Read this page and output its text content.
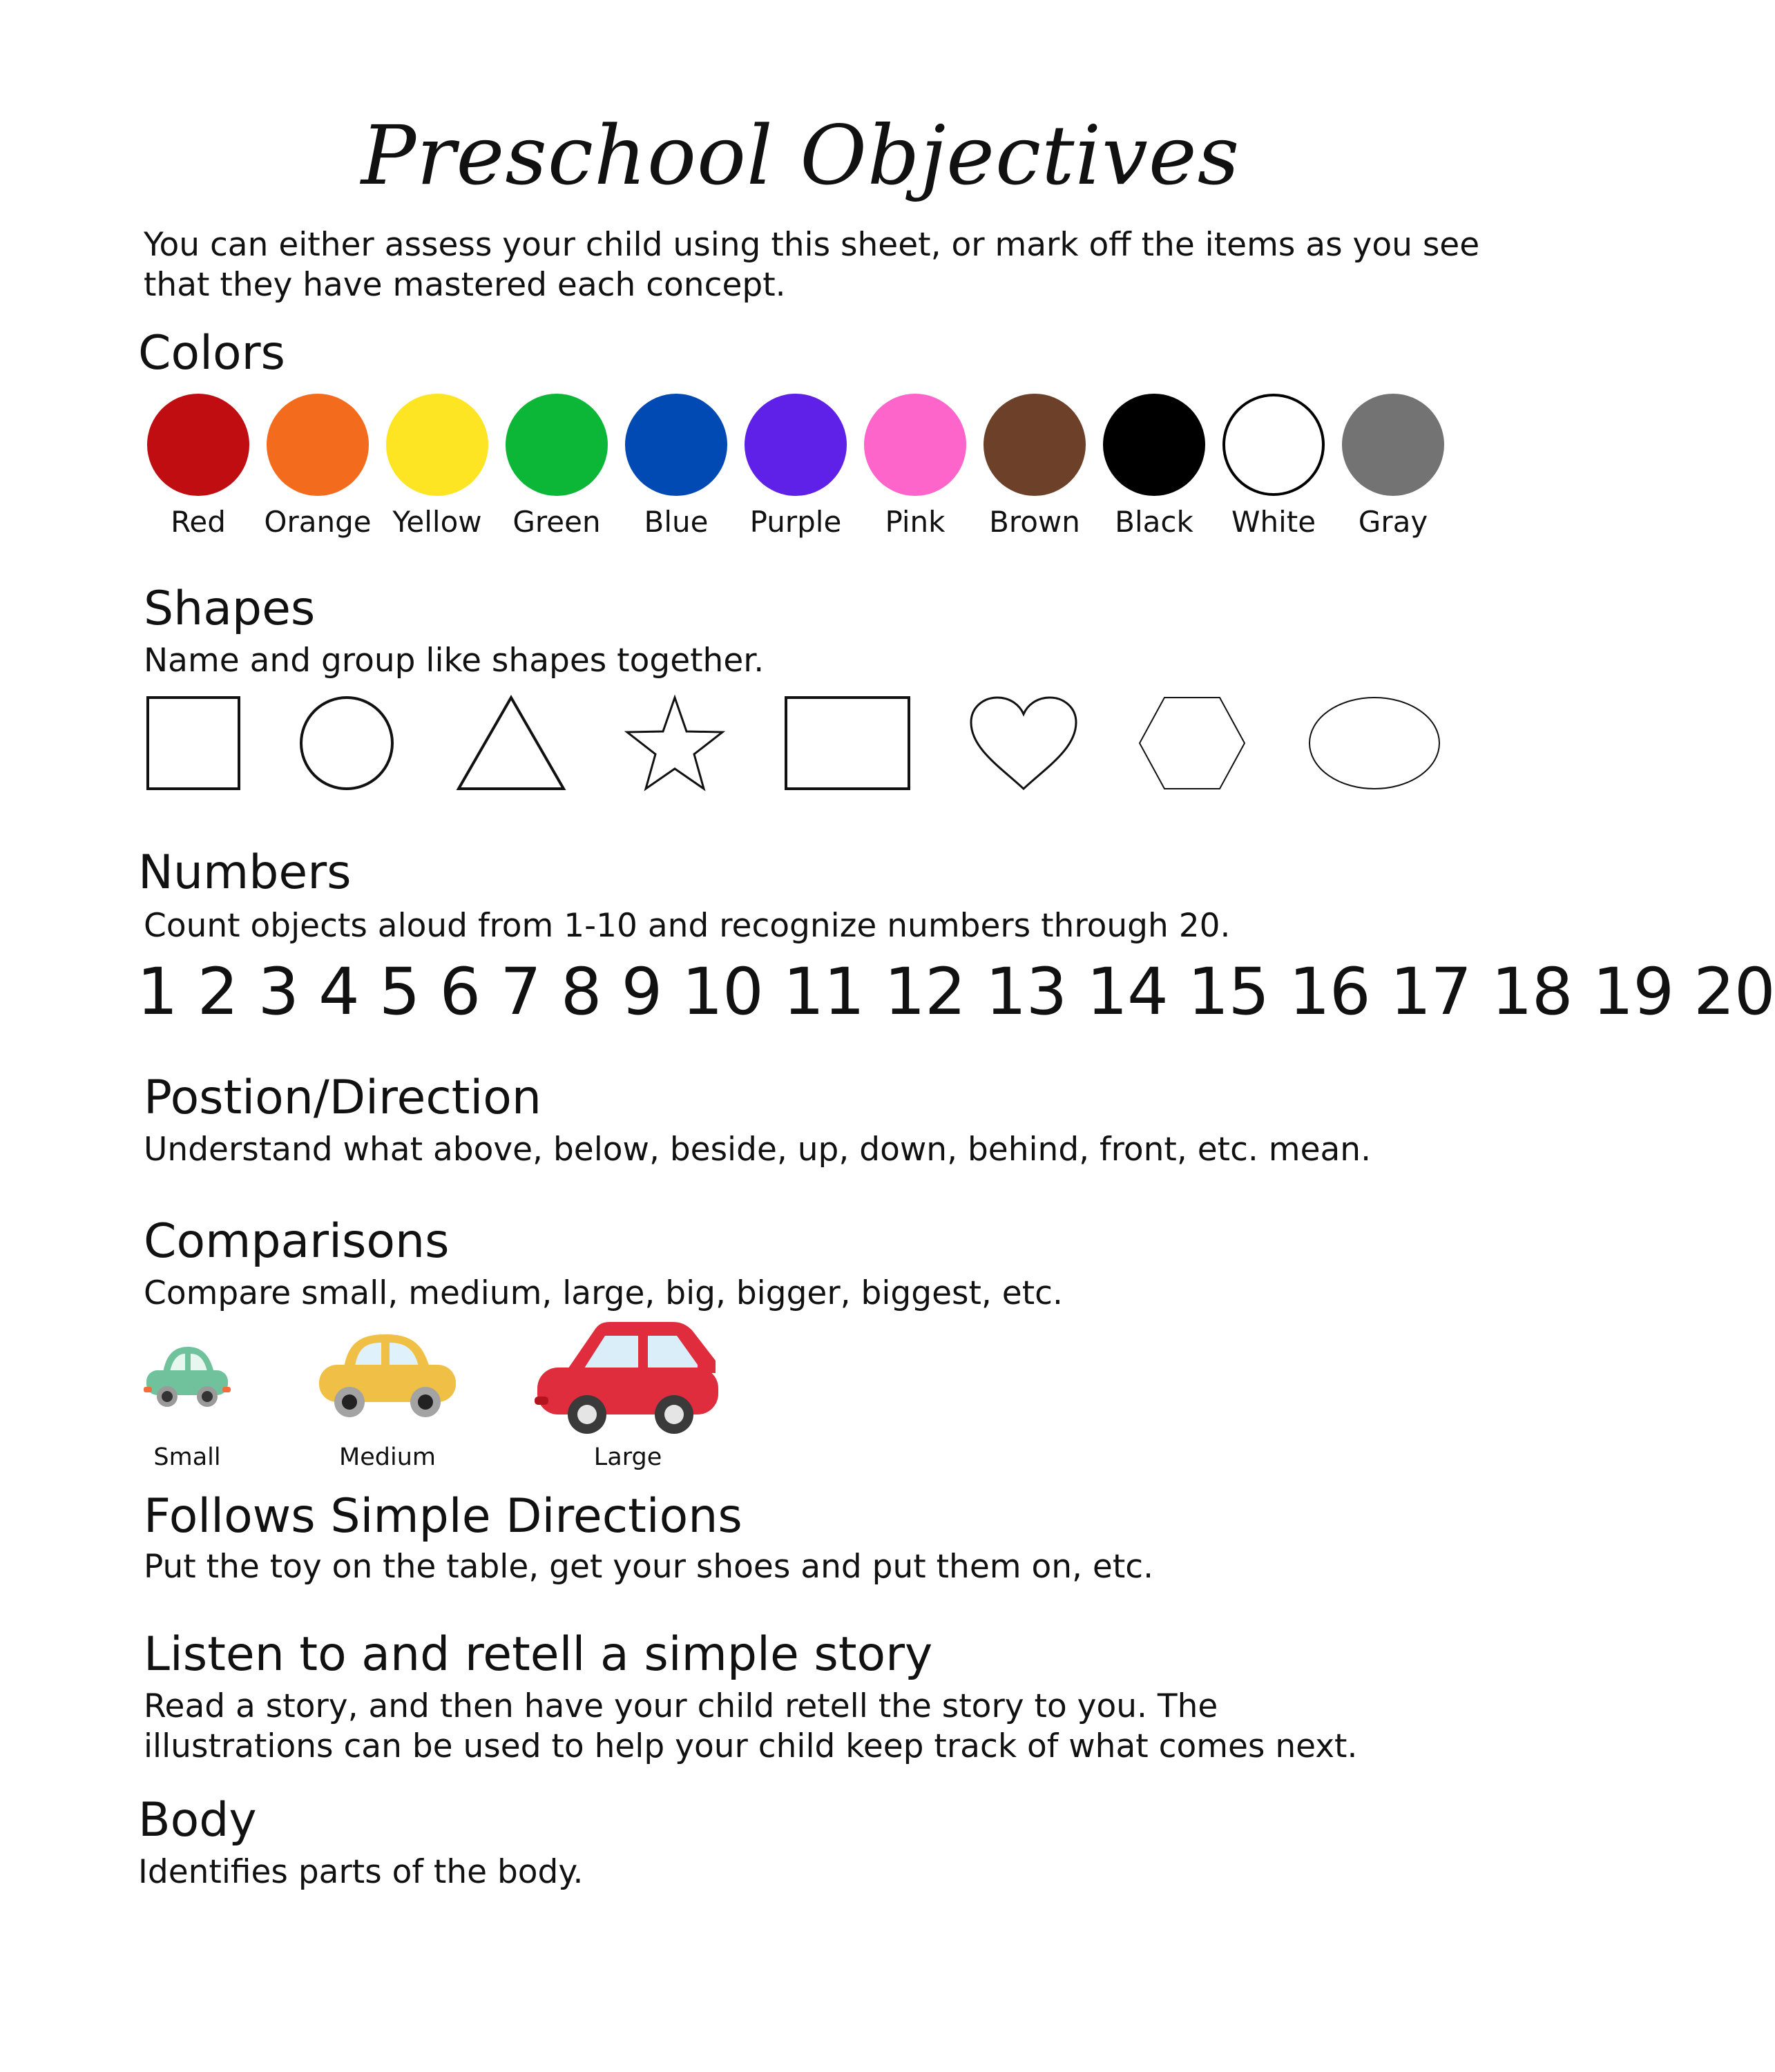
Preschool Objectives
You can either assess your child using this sheet, or mark off the items as you see that they have mastered each concept.
Colors
Red	Orange Yellow	Green	Blue	Purple	Pink	Brown	Black	White	Gray
Shapes
Name and group like shapes together.
Numbers
Count objects aloud from 1-10 and recognize numbers through 20.
1 2 3 4 5 6 7 8 9 10 11 12 13 14 15 16 17 18 19 20
Postion/Direction
Understand what above, below, beside, up, down, behind, front, etc. mean.
Comparisons
Compare small, medium, large, big, bigger, biggest, etc.
Small	Medium	Large
Follows Simple Directions
Put the toy on the table, get your shoes and put them on, etc.
Listen to and retell a simple story
Read a story, and then have your child retell the story to you. The illustrations can be used to help your child keep track of what comes next.
Body
Identifies parts of the body.
